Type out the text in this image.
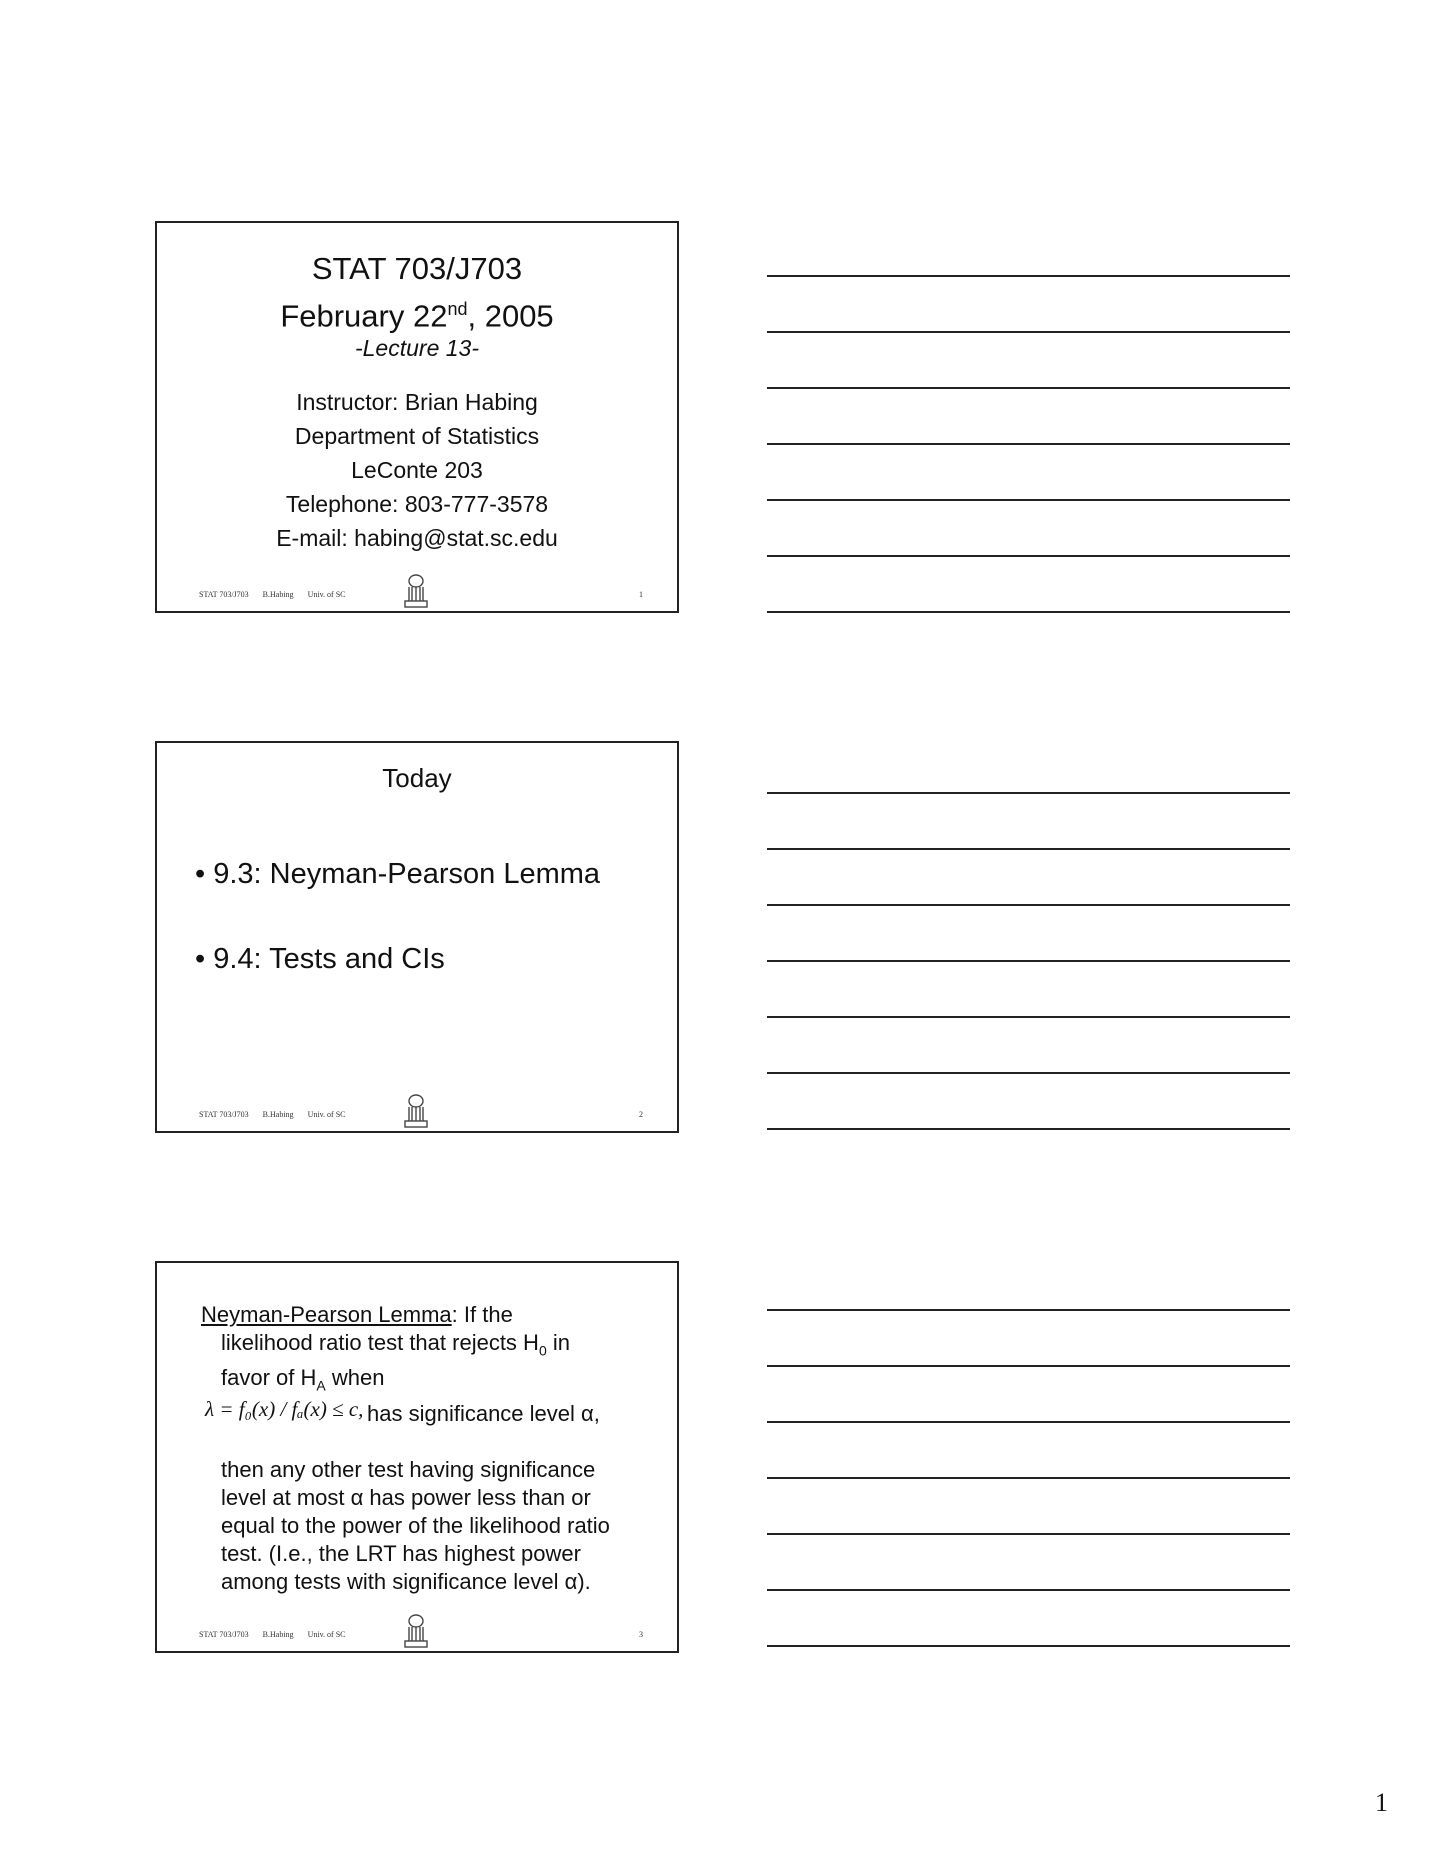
STAT 703/J703
February 22nd, 2005
-Lecture 13-
Instructor: Brian Habing
Department of Statistics
LeConte 203
Telephone: 803-777-3578
E-mail: habing@stat.sc.edu
STAT 703/J703 B.Habing Univ. of SC	1
Today
• 9.3: Neyman-Pearson Lemma
• 9.4: Tests and CIs
STAT 703/J703 B.Habing Univ. of SC	2
Neyman-Pearson Lemma: If the
likelihood ratio test that rejects $H_0$ in
favor of $H_A$ when
has significance level α,
then any other test having significance
level at most α has power less than or
equal to the power of the likelihood ratio
test. (I.e., the LRT has highest power
among tests with significance level α).
λ = f₀(x) / fₐ(x) ≤ c,
STAT 703/J703 B.Habing Univ. of SC	3
1
